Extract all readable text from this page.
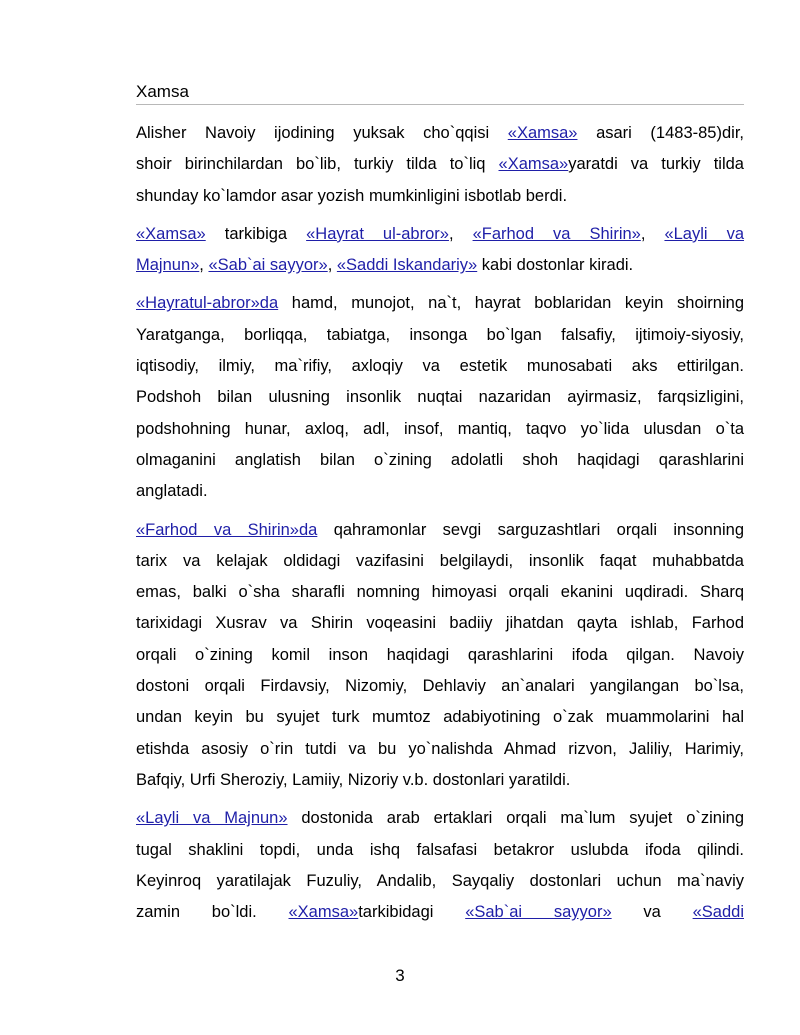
Xamsa
Alisher Navoiy ijodining yuksak cho`qqisi «Xamsa» asari (1483-85)dir,
shoir birinchilardan bo`lib, turkiy tilda to`liq «Xamsa»yaratdi va turkiy tilda
shunday ko`lamdor asar yozish mumkinligini isbotlab berdi.
«Xamsa» tarkibiga «Hayrat ul-abror», «Farhod va Shirin», «Layli va
Majnun», «Sab`ai sayyor», «Saddi Iskandariy» kabi dostonlar kiradi.
«Hayratul-abror»da hamd, munojot, na`t, hayrat boblaridan keyin shoirning
Yaratganga, borliqqa, tabiatga, insonga bo`lgan falsafiy, ijtimoiy-siyosiy,
iqtisodiy, ilmiy, ma`rifiy, axloqiy va estetik munosabati aks ettirilgan.
Podshoh bilan ulusning insonlik nuqtai nazaridan ayirmasiz, farqsizligini,
podshohning hunar, axloq, adl, insof, mantiq, taqvo yo`lida ulusdan o`ta
olmaganini anglatish bilan o`zining adolatli shoh haqidagi qarashlarini
anglatadi.
«Farhod va Shirin»da qahramonlar sevgi sarguzashtlari orqali insonning
tarix va kelajak oldidagi vazifasini belgilaydi, insonlik faqat muhabbatda
emas, balki o`sha sharafli nomning himoyasi orqali ekanini uqdiradi. Sharq
tarixidagi Xusrav va Shirin voqeasini badiiy jihatdan qayta ishlab, Farhod
orqali o`zining komil inson haqidagi qarashlarini ifoda qilgan. Navoiy
dostoni orqali Firdavsiy, Nizomiy, Dehlaviy an`analari yangilangan bo`lsa,
undan keyin bu syujet turk mumtoz adabiyotining o`zak muammolarini hal
etishda asosiy o`rin tutdi va bu yo`nalishda Ahmad rizvon, Jaliliy, Harimiy,
Bafqiy, Urfi Sheroziy, Lamiiy, Nizoriy v.b. dostonlari yaratildi.
«Layli va Majnun» dostonida arab ertaklari orqali ma`lum syujet o`zining
tugal shaklini topdi, unda ishq falsafasi betakror uslubda ifoda qilindi.
Keyinroq yaratilajak Fuzuliy, Andalib, Sayqaliy dostonlari uchun ma`naviy
zamin bo`ldi. «Xamsa»tarkibidagi «Sab`ai sayyor» va «Saddi
3
